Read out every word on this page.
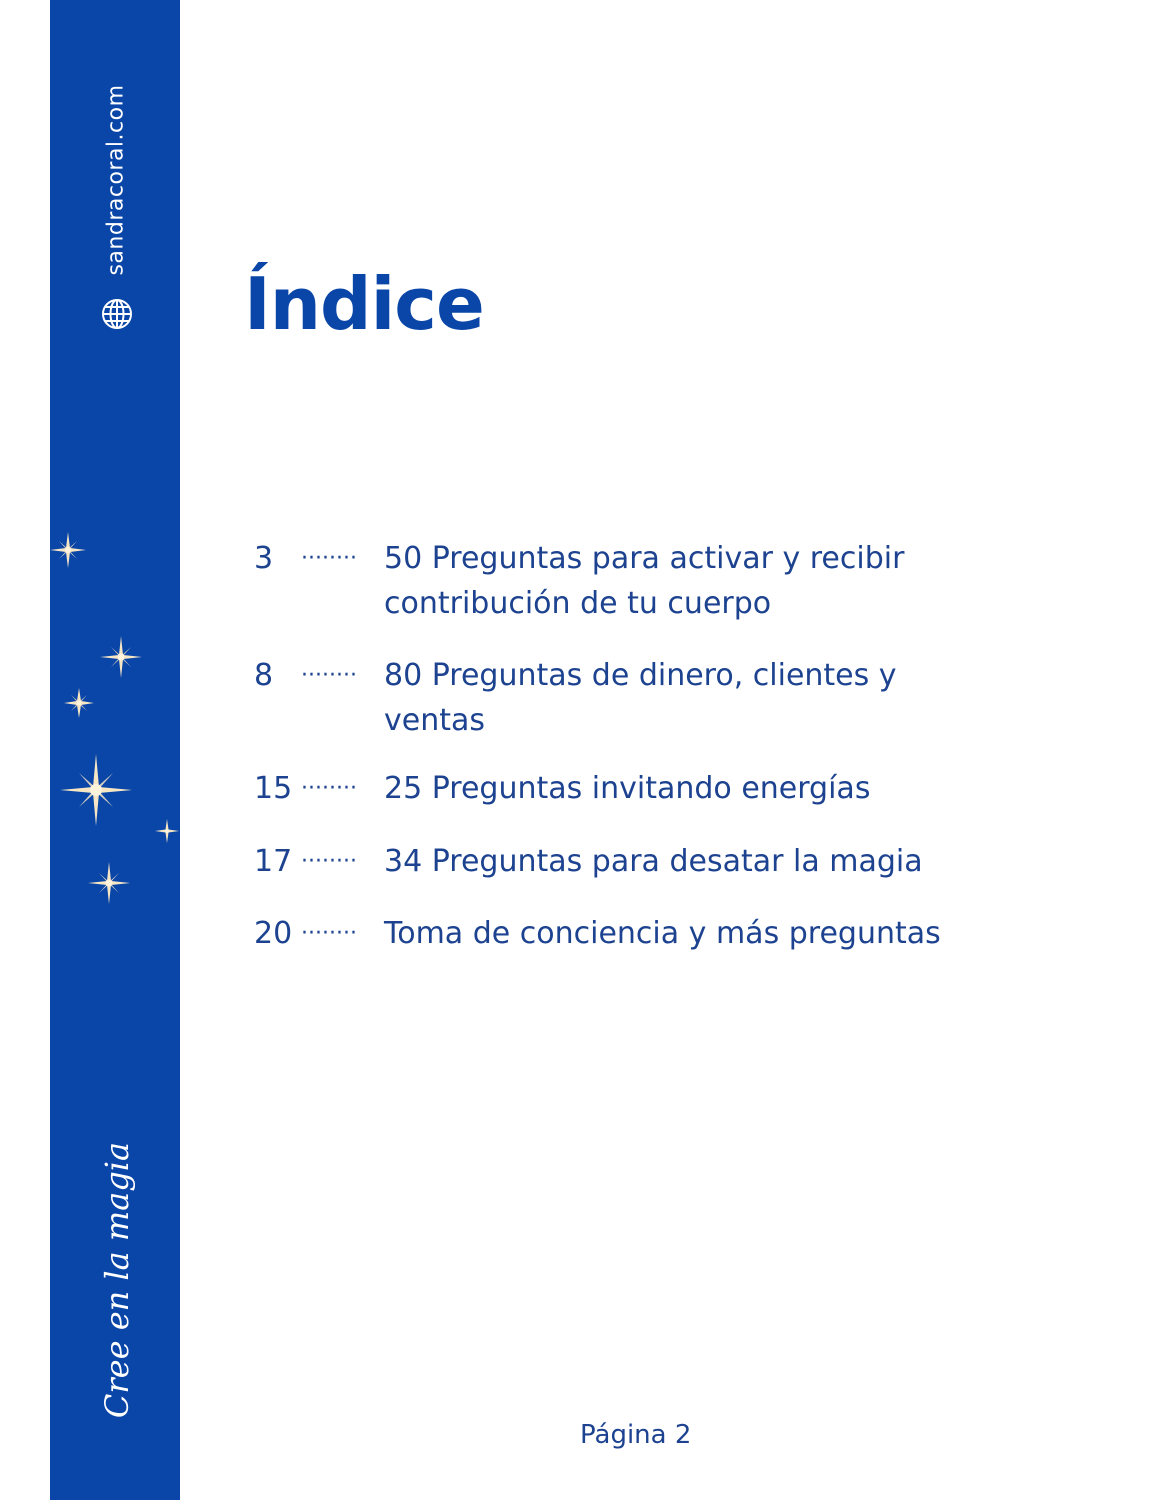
sandracoral.com
Cree en la magia
Índice
3 ········ 50 Preguntas para activar y recibir contribución de tu cuerpo
8 ········ 80 Preguntas de dinero, clientes y ventas
15 ········ 25 Preguntas invitando energías
17 ········ 34 Preguntas para desatar la magia
20 ········ Toma de conciencia y más preguntas
Página 2
